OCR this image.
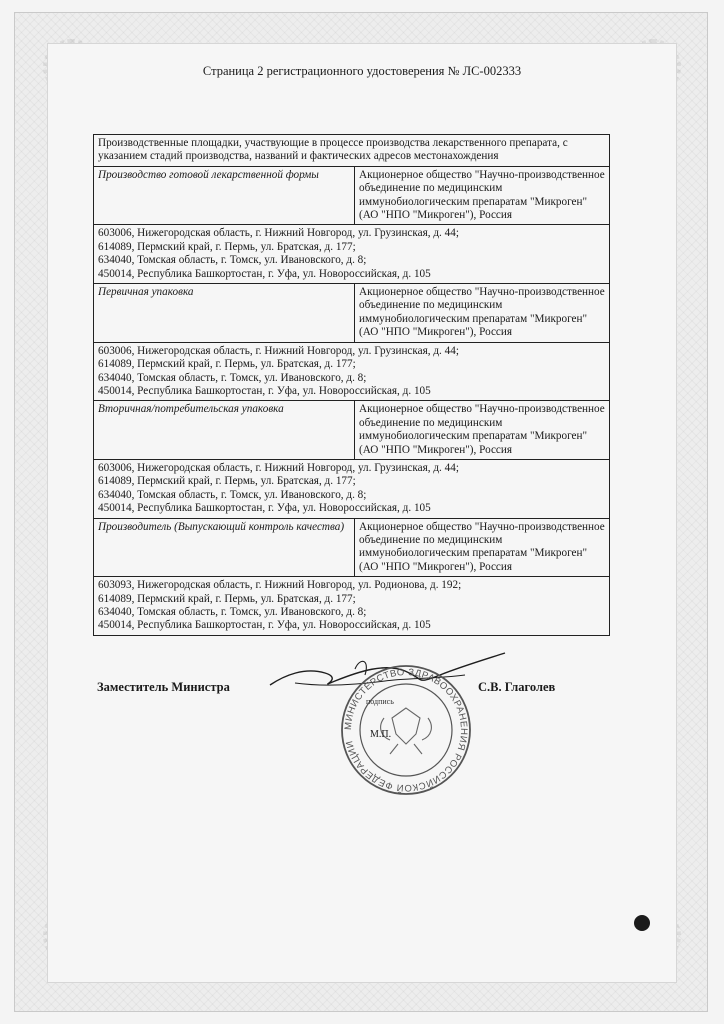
Страница 2 регистрационного удостоверения № ЛС-002333
Производственные площадки, участвующие в процессе производства лекарственного препарата, с указанием стадий производства, названий и фактических адресов местонахождения	
Производство готовой лекарственной формы	Акционерное общество "Научно-производственное объединение по медицинским иммунобиологическим препаратам "Микроген" (АО "НПО "Микроген"), Россия

603006, Нижегородская область, г. Нижний Новгород, ул. Грузинская, д. 44;
614089, Пермский край, г. Пермь, ул. Братская, д. 177;
634040, Томская область, г. Томск, ул. Ивановского, д. 8;
450014, Республика Башкортостан, г. Уфа, ул. Новороссийская, д. 105	

Первичная упаковка	Акционерное общество "Научно-производственное объединение по медицинским иммунобиологическим препаратам "Микроген" (АО "НПО "Микроген"), Россия

603006, Нижегородская область, г. Нижний Новгород, ул. Грузинская, д. 44;
614089, Пермский край, г. Пермь, ул. Братская, д. 177;
634040, Томская область, г. Томск, ул. Ивановского, д. 8;
450014, Республика Башкортостан, г. Уфа, ул. Новороссийская, д. 105	

Вторичная/потребительская упаковка	Акционерное общество "Научно-производственное объединение по медицинским иммунобиологическим препаратам "Микроген" (АО "НПО "Микроген"), Россия

603006, Нижегородская область, г. Нижний Новгород, ул. Грузинская, д. 44;
614089, Пермский край, г. Пермь, ул. Братская, д. 177;
634040, Томская область, г. Томск, ул. Ивановского, д. 8;
450014, Республика Башкортостан, г. Уфа, ул. Новороссийская, д. 105	

Производитель (Выпускающий контроль качества)	Акционерное общество "Научно-производственное объединение по медицинским иммунобиологическим препаратам "Микроген" (АО "НПО "Микроген"), Россия

603093, Нижегородская область, г. Нижний Новгород, ул. Родионова, д. 192;
614089, Пермский край, г. Пермь, ул. Братская, д. 177;
634040, Томская область, г. Томск, ул. Ивановского, д. 8;
450014, Республика Башкортостан, г. Уфа, ул. Новороссийская, д. 105	
МИНИСТЕРСТВО ЗДРАВООХРАНЕНИЯ РОССИЙСКОЙ ФЕДЕРАЦИИ
подпись
М.П.
Заместитель Министра	С.В. Глаголев
